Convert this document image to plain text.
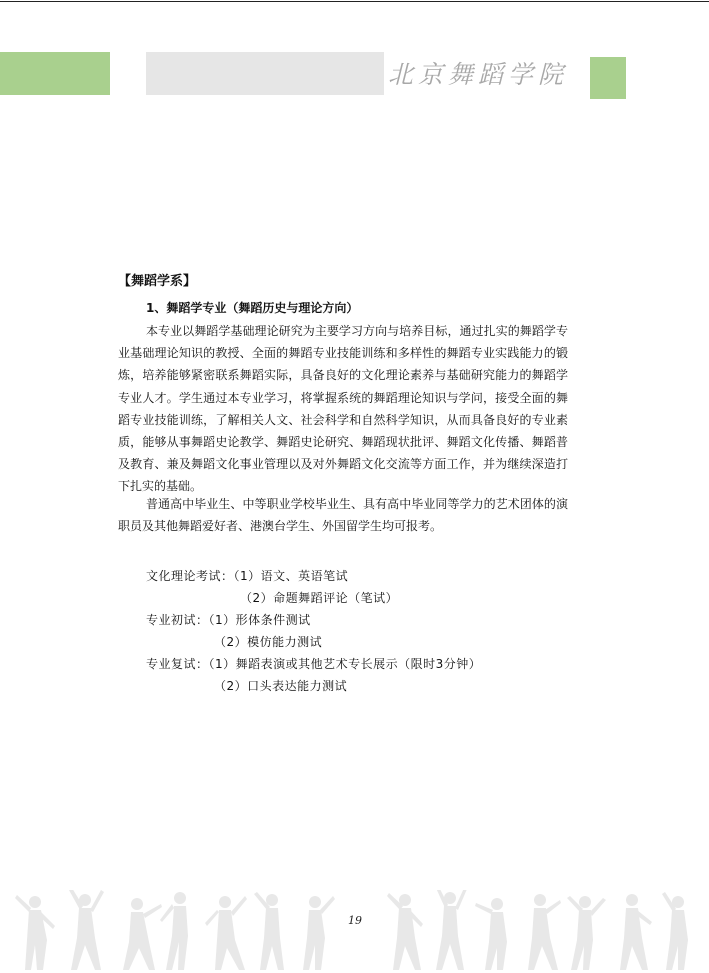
北京舞蹈学院
【舞蹈学系】
1、舞蹈学专业（舞蹈历史与理论方向）

本专业以舞蹈学基础理论研究为主要学习方向与培养目标，通过扎实的舞蹈学专业基础理论知识的教授、全面的舞蹈专业技能训练和多样性的舞蹈专业实践能力的锻炼，培养能够紧密联系舞蹈实际，具备良好的文化理论素养与基础研究能力的舞蹈学专业人才。学生通过本专业学习，将掌握系统的舞蹈理论知识与学问，接受全面的舞蹈专业技能训练，了解相关人文、社会科学和自然科学知识，从而具备良好的专业素质，能够从事舞蹈史论教学、舞蹈史论研究、舞蹈现状批评、舞蹈文化传播、舞蹈普及教育、兼及舞蹈文化事业管理以及对外舞蹈文化交流等方面工作，并为继续深造打下扎实的基础。

普通高中毕业生、中等职业学校毕业生、具有高中毕业同等学力的艺术团体的演职员及其他舞蹈爱好者、港澳台学生、外国留学生均可报考。

文化理论考试：（1）语文、英语笔试
（2）命题舞蹈评论（笔试）
专业初试：（1）形体条件测试
（2）模仿能力测试
专业复试：（1）舞蹈表演或其他艺术专长展示（限时3分钟）
（2）口头表达能力测试
19
